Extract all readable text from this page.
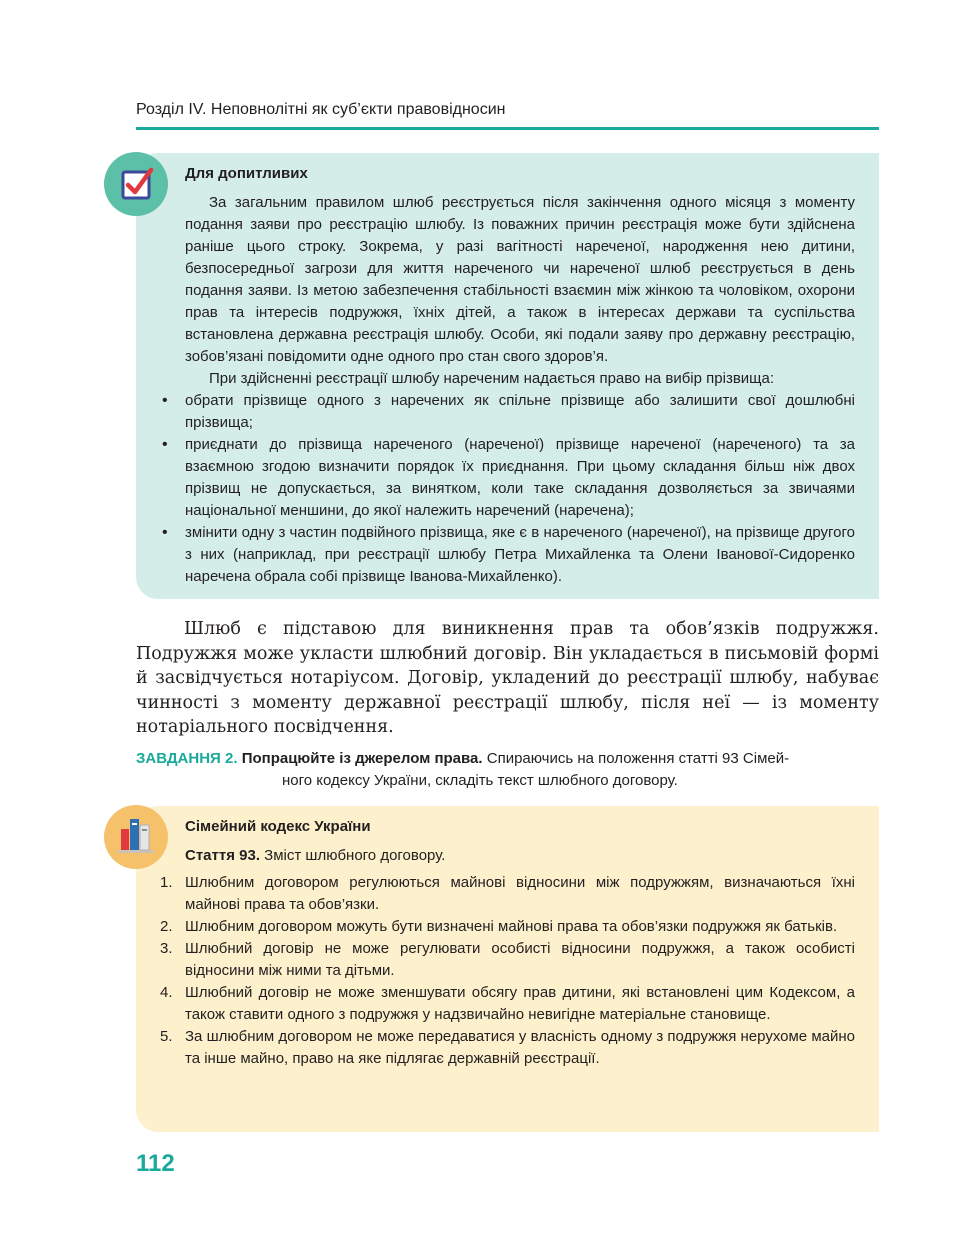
Розділ IV. Неповнолітні як суб’єкти правовідносин
Для допитливих
За загальним правилом шлюб реєструється після закінчення одного місяця з моменту подання заяви про реєстрацію шлюбу. Із поважних причин реєстрація може бути здійснена раніше цього строку. Зокрема, у разі вагітності нареченої, народження нею дитини, безпосередньої загрози для життя нареченого чи нареченої шлюб реєструється в день подання заяви. Із метою забезпечення стабільності взаємин між жінкою та чоловіком, охорони прав та інтересів подружжя, їхніх дітей, а також в інтересах держави та суспільства встановлена державна реєстрація шлюбу. Особи, які подали заяву про державну реєстрацію, зобов’язані повідомити одне одного про стан свого здоров’я.
При здійсненні реєстрації шлюбу нареченим надається право на вибір прізвища:
• обрати прізвище одного з наречених як спільне прізвище або залишити свої дошлюбні прізвища;
• приєднати до прізвища нареченого (нареченої) прізвище нареченої (нареченого) та за взаємною згодою визначити порядок їх приєднання. При цьому складання більш ніж двох прізвищ не допускається, за винятком, коли таке складання дозволяється за звичаями національної меншини, до якої належить наречений (наречена);
• змінити одну з частин подвійного прізвища, яке є в нареченого (нареченої), на прізвище другого з них (наприклад, при реєстрації шлюбу Петра Михайленка та Олени Іванової-Сидоренко наречена обрала собі прізвище Іванова-Михайленко).

Шлюб є підставою для виникнення прав та обов’язків подружжя. Подружжя може укласти шлюбний договір. Він укладається в письмовій формі й засвідчується нотаріусом. Договір, укладений до реєстрації шлюбу, набуває чинності з моменту державної реєстрації шлюбу, після неї — із моменту нотаріального посвідчення.

ЗАВДАННЯ 2. Попрацюйте із джерелом права. Спираючись на положення статті 93 Сімей-
ного кодексу України, складіть текст шлюбного договору.
Сімейний кодекс України
Стаття 93. Зміст шлюбного договору.
1. Шлюбним договором регулюються майнові відносини між подружжям, визначаються їхні майнові права та обов’язки.
2. Шлюбним договором можуть бути визначені майнові права та обов’язки подружжя як батьків.
3. Шлюбний договір не може регулювати особисті відносини подружжя, а також особисті відносини між ними та дітьми.
4. Шлюбний договір не може зменшувати обсягу прав дитини, які встановлені цим Кодексом, а також ставити одного з подружжя у надзвичайно невигідне матеріальне становище.
5. За шлюбним договором не може передаватися у власність одному з подружжя нерухоме майно та інше майно, право на яке підлягає державній реєстрації.
112
